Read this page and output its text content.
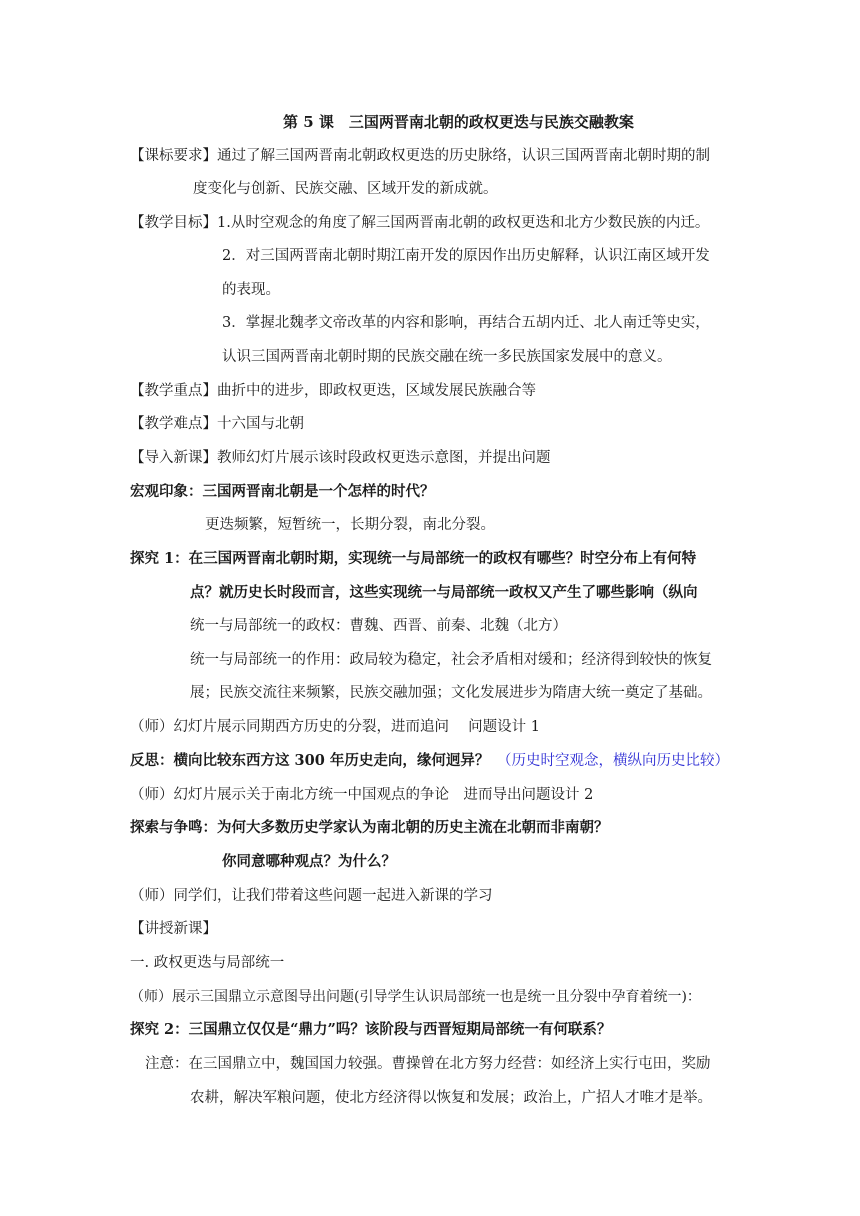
第 5 课　三国两晋南北朝的政权更迭与民族交融教案
【课标要求】通过了解三国两晋南北朝政权更迭的历史脉络，认识三国两晋南北朝时期的制
度变化与创新、民族交融、区域开发的新成就。
【教学目标】1.从时空观念的角度了解三国两晋南北朝的政权更迭和北方少数民族的内迁。
2．对三国两晋南北朝时期江南开发的原因作出历史解释，认识江南区域开发
的表现。
3．掌握北魏孝文帝改革的内容和影响，再结合五胡内迁、北人南迁等史实，
认识三国两晋南北朝时期的民族交融在统一多民族国家发展中的意义。
【教学重点】曲折中的进步，即政权更迭，区域发展民族融合等
【教学难点】十六国与北朝
【导入新课】教师幻灯片展示该时段政权更迭示意图，并提出问题
宏观印象：三国两晋南北朝是一个怎样的时代？
更迭频繁，短暂统一，长期分裂，南北分裂。
探究 1：在三国两晋南北朝时期，实现统一与局部统一的政权有哪些？时空分布上有何特
点？就历史长时段而言，这些实现统一与局部统一政权又产生了哪些影响（纵向
统一与局部统一的政权：曹魏、西晋、前秦、北魏（北方）
统一与局部统一的作用：政局较为稳定，社会矛盾相对缓和；经济得到较快的恢复
展；民族交流往来频繁，民族交融加强；文化发展进步为隋唐大统一奠定了基础。
（师）幻灯片展示同期西方历史的分裂，进而追问　 问题设计 1
反思：横向比较东西方这 300 年历史走向，缘何迥异？ （历史时空观念，横纵向历史比较）
（师）幻灯片展示关于南北方统一中国观点的争论　进而导出问题设计 2
探索与争鸣：为何大多数历史学家认为南北朝的历史主流在北朝而非南朝？
你同意哪种观点？为什么？
（师）同学们，让我们带着这些问题一起进入新课的学习
【讲授新课】
一. 政权更迭与局部统一
（师）展示三国鼎立示意图导出问题(引导学生认识局部统一也是统一且分裂中孕育着统一)：
探究 2：三国鼎立仅仅是“鼎力”吗？该阶段与西晋短期局部统一有何联系？
注意：在三国鼎立中，魏国国力较强。曹操曾在北方努力经营：如经济上实行屯田，奖励
农耕，解决军粮问题，使北方经济得以恢复和发展；政治上，广招人才唯才是举。
